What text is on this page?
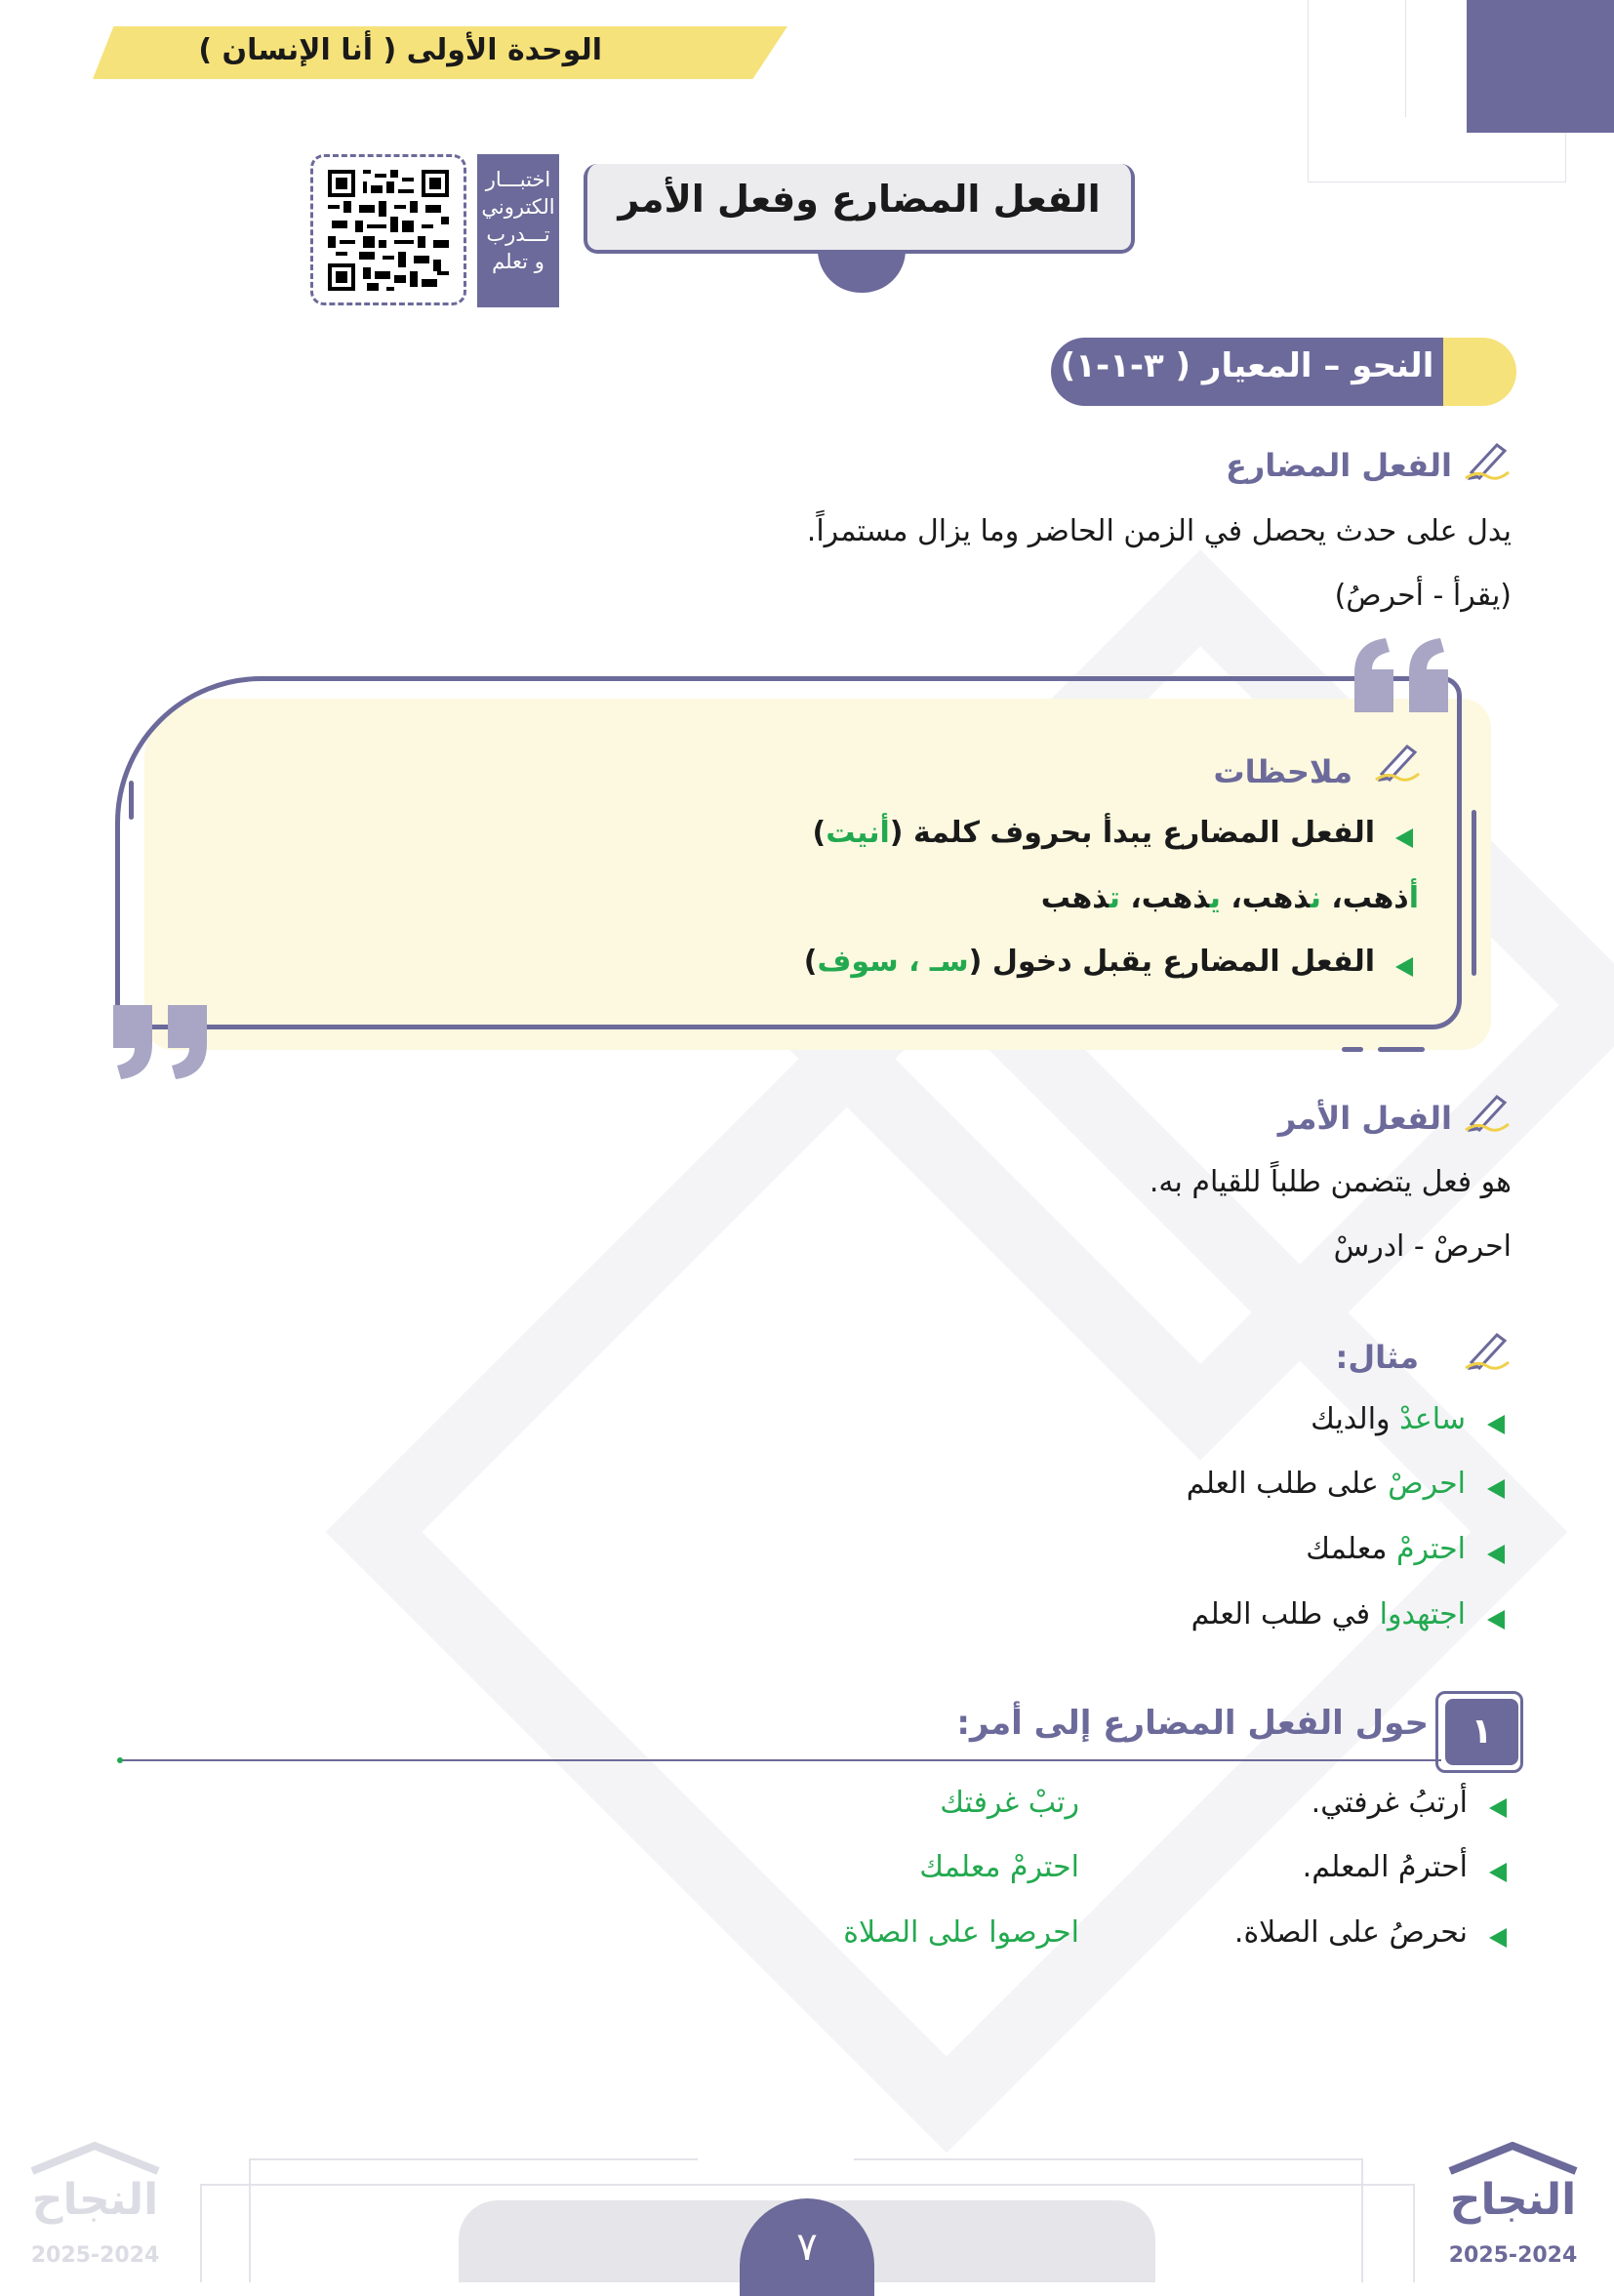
الوحدة الأولى ( أنا الإنسان )
الفعل المضارع وفعل الأمر
اختبـــار
الكتروني
تـــدرب
و تعلم
النحو – المعيار ( ٣-١-١)
الفعل المضارع
يدل على حدث يحصل في الزمن الحاضر وما يزال مستمراً.
(يقرأ - أحرصُ)
ملاحظات
الفعل المضارع يبدأ بحروف كلمة (أنيت)
أذهب، نذهب، يذهب، تذهب
الفعل المضارع يقبل دخول (سـ ، سوف)
الفعل الأمر
هو فعل يتضمن طلباً للقيام به.
احرصْ - ادرسْ
مثال:
ساعدْ والديك
احرصْ على طلب العلم
احترمْ معلمك
اجتهدوا في طلب العلم
١
حول الفعل المضارع إلى أمر:
أرتبُ غرفتي.
رتبْ غرفتك
أحترمُ المعلم.
احترمْ معلمك
نحرصُ على الصلاة.
احرصوا على الصلاة
٧
النجاح
2025-2024
النجاح
2025-2024
